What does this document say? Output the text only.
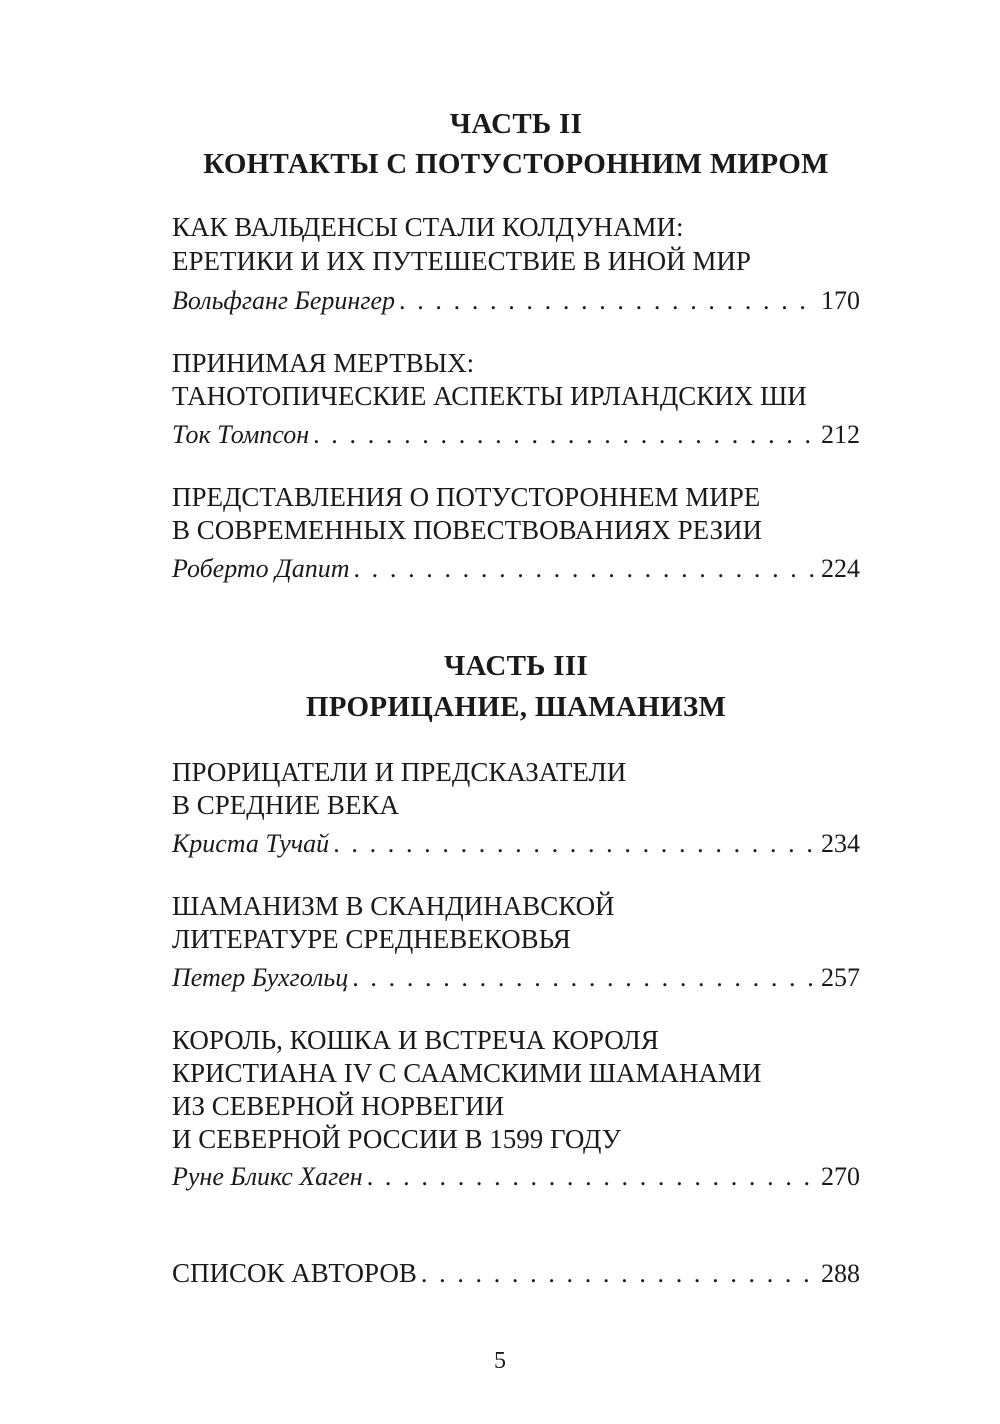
ЧАСТЬ II
КОНТАКТЫ С ПОТУСТОРОННИМ МИРОМ

КАК ВАЛЬДЕНСЫ СТАЛИ КОЛДУНАМИ:

ЕРЕТИКИ И ИХ ПУТЕШЕСТВИЕ В ИНОЙ МИР

Вольфганг Берингер . . .	170

ПРИНИМАЯ МЕРТВЫХ:

ТАНОТОПИЧЕСКИЕ АСПЕКТЫ ИРЛАНДСКИХ ШИ

Ток Томпсон . . .	212

ПРЕДСТАВЛЕНИЯ О ПОТУСТОРОННЕМ МИРЕ

В СОВРЕМЕННЫХ ПОВЕСТВОВАНИЯХ РЕЗИИ

Роберто Дапит . . .	224
ЧАСТЬ III
ПРОРИЦАНИЕ, ШАМАНИЗМ

ПРОРИЦАТЕЛИ И ПРЕДСКАЗАТЕЛИ

В СРЕДНИЕ ВЕКА

Криста Тучай . . .	234

ШАМАНИЗМ В СКАНДИНАВСКОЙ

ЛИТЕРАТУРЕ СРЕДНЕВЕКОВЬЯ

Петер Бухгольц . . .	257

КОРОЛЬ, КОШКА И ВСТРЕЧА КОРОЛЯ

КРИСТИАНА IV С СААМСКИМИ ШАМАНАМИ

ИЗ СЕВЕРНОЙ НОРВЕГИИ

И СЕВЕРНОЙ РОССИИ В 1599 ГОДУ

Руне Бликс Хаген . . .	270
СПИСОК АВТОРОВ . . .	288
5
